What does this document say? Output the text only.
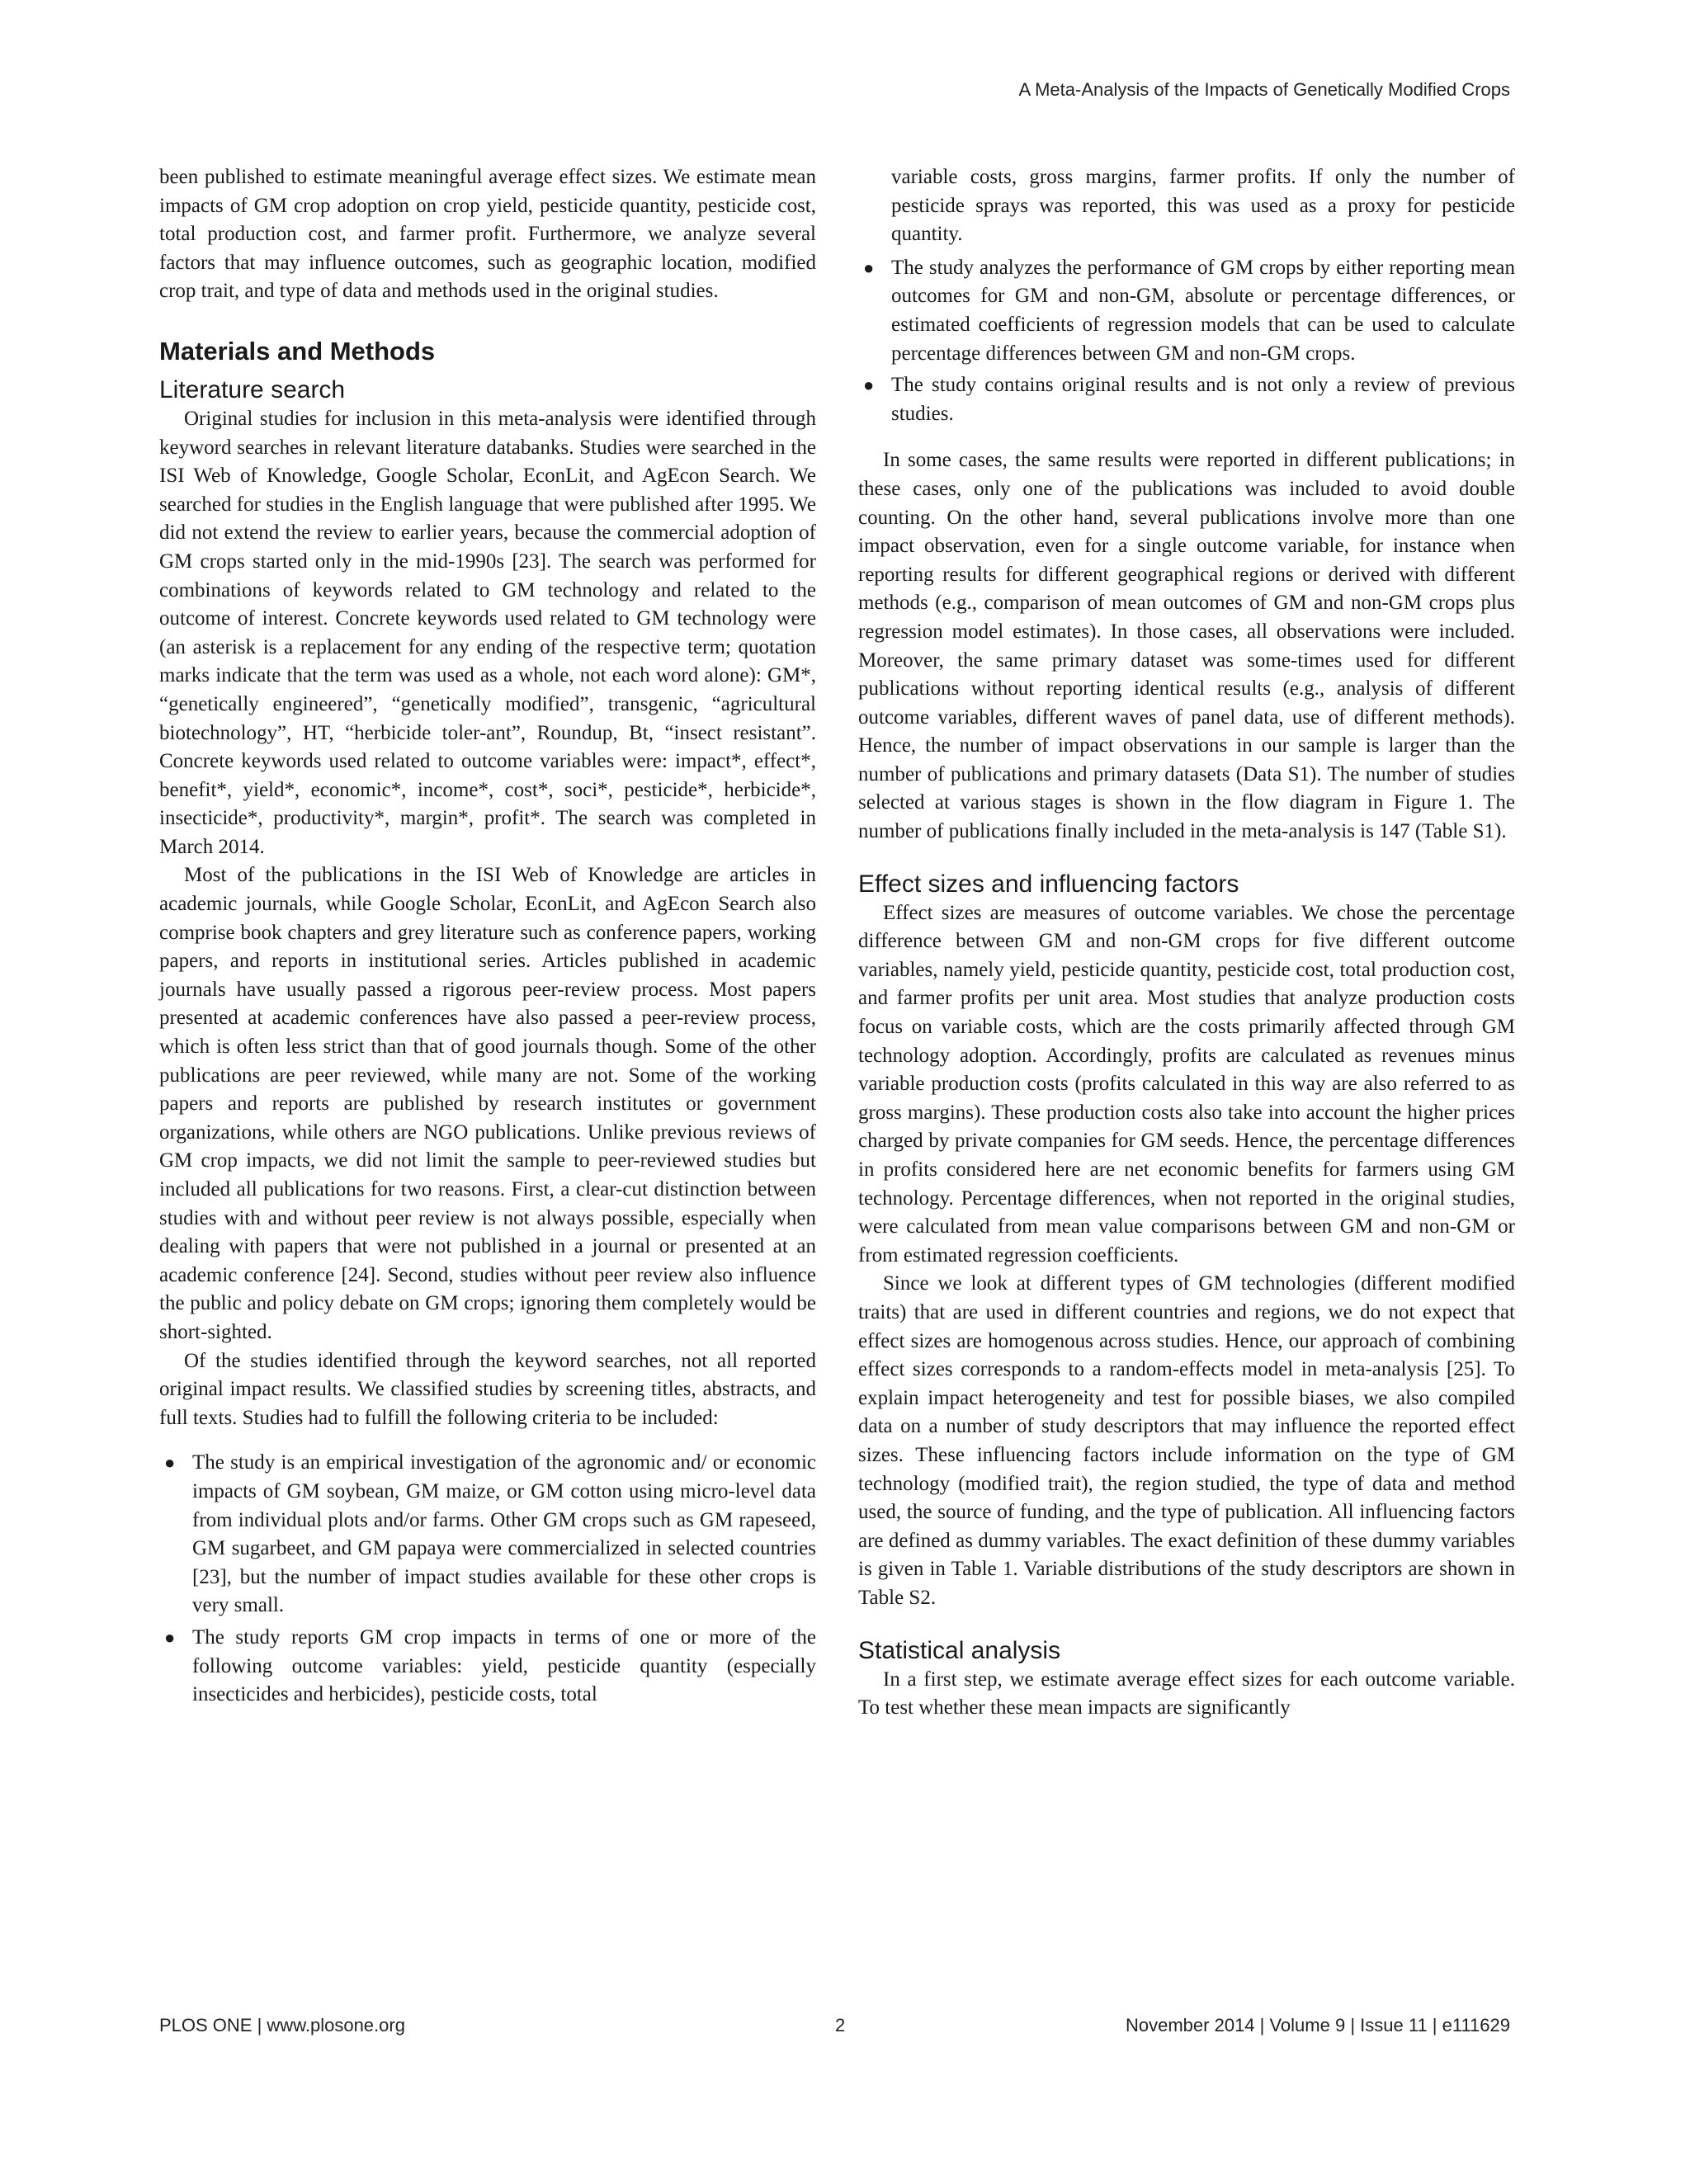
A Meta-Analysis of the Impacts of Genetically Modified Crops

been published to estimate meaningful average effect sizes. We estimate mean impacts of GM crop adoption on crop yield, pesticide quantity, pesticide cost, total production cost, and farmer profit. Furthermore, we analyze several factors that may influence outcomes, such as geographic location, modified crop trait, and type of data and methods used in the original studies.

Materials and Methods
Literature search

Original studies for inclusion in this meta-analysis were identified through keyword searches in relevant literature databanks. Studies were searched in the ISI Web of Knowledge, Google Scholar, EconLit, and AgEcon Search. We searched for studies in the English language that were published after 1995. We did not extend the review to earlier years, because the commercial adoption of GM crops started only in the mid-1990s [23]. The search was performed for combinations of keywords related to GM technology and related to the outcome of interest. Concrete keywords used related to GM technology were (an asterisk is a replacement for any ending of the respective term; quotation marks indicate that the term was used as a whole, not each word alone): GM*, “genetically engineered”, “genetically modified”, transgenic, “agricultural biotechnology”, HT, “herbicide toler-ant”, Roundup, Bt, “insect resistant”. Concrete keywords used related to outcome variables were: impact*, effect*, benefit*, yield*, economic*, income*, cost*, soci*, pesticide*, herbicide*, insecticide*, productivity*, margin*, profit*. The search was completed in March 2014.

Most of the publications in the ISI Web of Knowledge are articles in academic journals, while Google Scholar, EconLit, and AgEcon Search also comprise book chapters and grey literature such as conference papers, working papers, and reports in institutional series. Articles published in academic journals have usually passed a rigorous peer-review process. Most papers presented at academic conferences have also passed a peer-review process, which is often less strict than that of good journals though. Some of the other publications are peer reviewed, while many are not. Some of the working papers and reports are published by research institutes or government organizations, while others are NGO publications. Unlike previous reviews of GM crop impacts, we did not limit the sample to peer-reviewed studies but included all publications for two reasons. First, a clear-cut distinction between studies with and without peer review is not always possible, especially when dealing with papers that were not published in a journal or presented at an academic conference [24]. Second, studies without peer review also influence the public and policy debate on GM crops; ignoring them completely would be short-sighted.

Of the studies identified through the keyword searches, not all reported original impact results. We classified studies by screening titles, abstracts, and full texts. Studies had to fulfill the following criteria to be included:

● The study is an empirical investigation of the agronomic and/ or economic impacts of GM soybean, GM maize, or GM cotton using micro-level data from individual plots and/or farms. Other GM crops such as GM rapeseed, GM sugarbeet, and GM papaya were commercialized in selected countries [23], but the number of impact studies available for these other crops is very small.
● The study reports GM crop impacts in terms of one or more of the following outcome variables: yield, pesticide quantity (especially insecticides and herbicides), pesticide costs, total

variable costs, gross margins, farmer profits. If only the number of pesticide sprays was reported, this was used as a proxy for pesticide quantity.

● The study analyzes the performance of GM crops by either reporting mean outcomes for GM and non-GM, absolute or percentage differences, or estimated coefficients of regression models that can be used to calculate percentage differences between GM and non-GM crops.
● The study contains original results and is not only a review of previous studies.

In some cases, the same results were reported in different publications; in these cases, only one of the publications was included to avoid double counting. On the other hand, several publications involve more than one impact observation, even for a single outcome variable, for instance when reporting results for different geographical regions or derived with different methods (e.g., comparison of mean outcomes of GM and non-GM crops plus regression model estimates). In those cases, all observations were included. Moreover, the same primary dataset was some-times used for different publications without reporting identical results (e.g., analysis of different outcome variables, different waves of panel data, use of different methods). Hence, the number of impact observations in our sample is larger than the number of publications and primary datasets (Data S1). The number of studies selected at various stages is shown in the flow diagram in Figure 1. The number of publications finally included in the meta-analysis is 147 (Table S1).

Effect sizes and influencing factors

Effect sizes are measures of outcome variables. We chose the percentage difference between GM and non-GM crops for five different outcome variables, namely yield, pesticide quantity, pesticide cost, total production cost, and farmer profits per unit area. Most studies that analyze production costs focus on variable costs, which are the costs primarily affected through GM technology adoption. Accordingly, profits are calculated as revenues minus variable production costs (profits calculated in this way are also referred to as gross margins). These production costs also take into account the higher prices charged by private companies for GM seeds. Hence, the percentage differences in profits considered here are net economic benefits for farmers using GM technology. Percentage differences, when not reported in the original studies, were calculated from mean value comparisons between GM and non-GM or from estimated regression coefficients.

Since we look at different types of GM technologies (different modified traits) that are used in different countries and regions, we do not expect that effect sizes are homogenous across studies. Hence, our approach of combining effect sizes corresponds to a random-effects model in meta-analysis [25]. To explain impact heterogeneity and test for possible biases, we also compiled data on a number of study descriptors that may influence the reported effect sizes. These influencing factors include information on the type of GM technology (modified trait), the region studied, the type of data and method used, the source of funding, and the type of publication. All influencing factors are defined as dummy variables. The exact definition of these dummy variables is given in Table 1. Variable distributions of the study descriptors are shown in Table S2.

Statistical analysis

In a first step, we estimate average effect sizes for each outcome variable. To test whether these mean impacts are significantly

PLOS ONE | www.plosone.org	2	November 2014 | Volume 9 | Issue 11 | e111629
